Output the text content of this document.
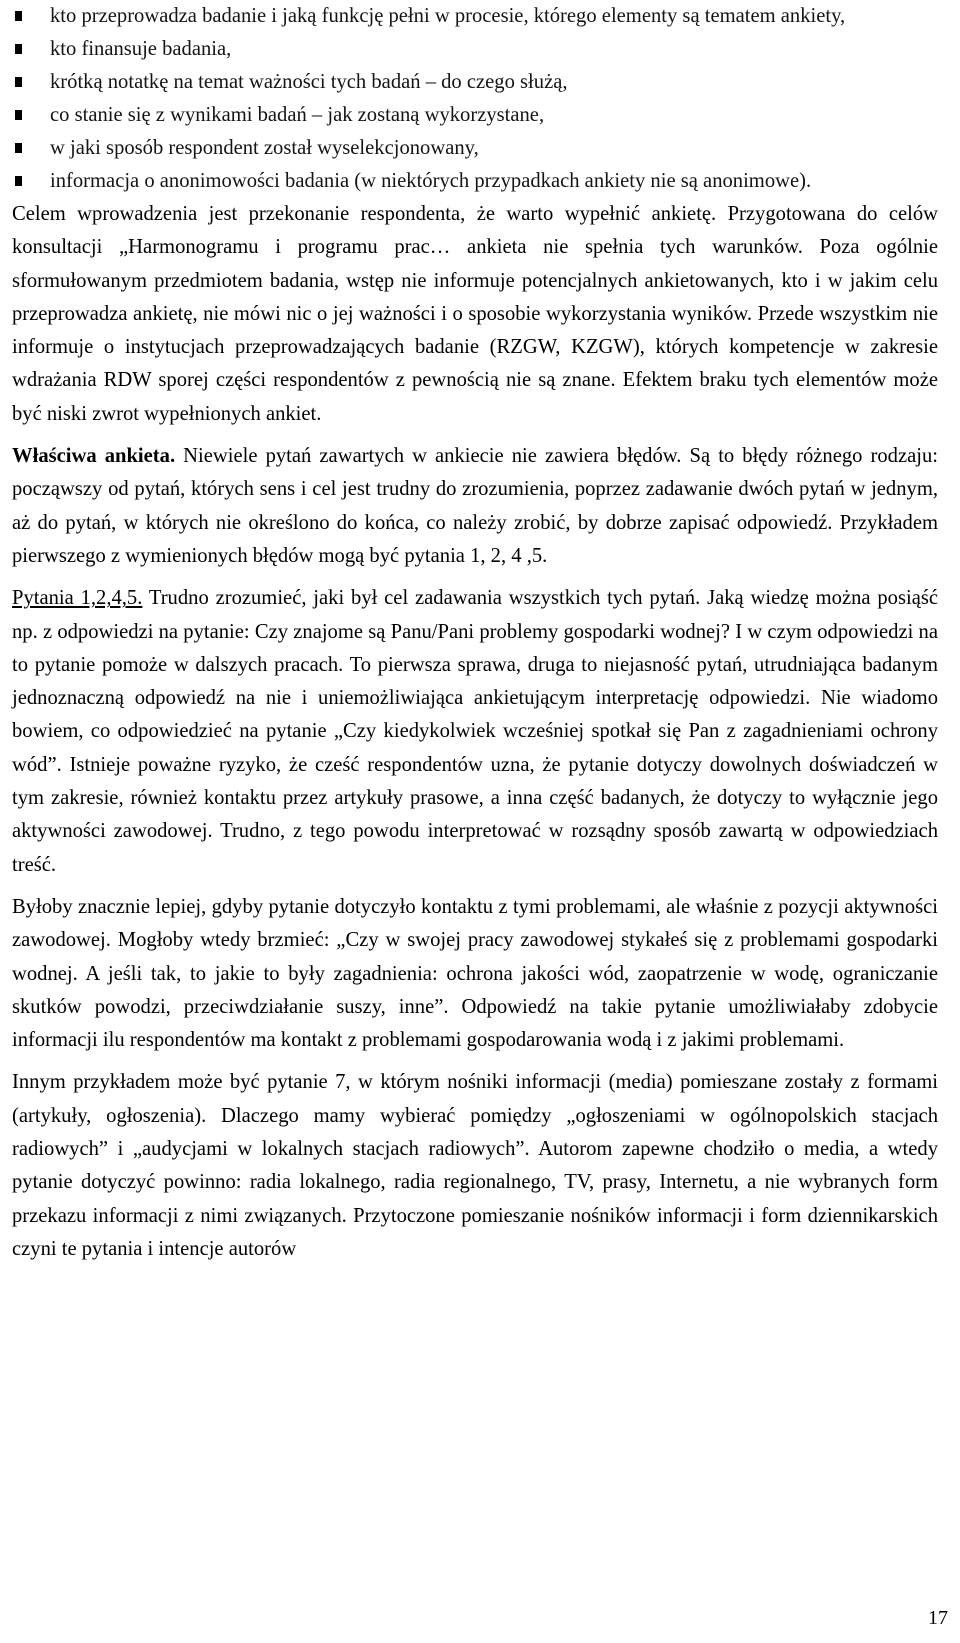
kto przeprowadza badanie i jaką funkcję pełni w procesie, którego elementy są tematem ankiety,
kto finansuje badania,
krótką notatkę na temat ważności tych badań – do czego służą,
co stanie się z wynikami badań – jak zostaną wykorzystane,
w jaki sposób respondent został wyselekcjonowany,
informacja o anonimowości badania (w niektórych przypadkach ankiety nie są anonimowe).

Celem wprowadzenia jest przekonanie respondenta, że warto wypełnić ankietę. Przygotowana do celów konsultacji „Harmonogramu i programu prac… ankieta nie spełnia tych warunków. Poza ogólnie sformułowanym przedmiotem badania, wstęp nie informuje potencjalnych ankietowanych, kto i w jakim celu przeprowadza ankietę, nie mówi nic o jej ważności i o sposobie wykorzystania wyników. Przede wszystkim nie informuje o instytucjach przeprowadzających badanie (RZGW, KZGW), których kompetencje w zakresie wdrażania RDW sporej części respondentów z pewnością nie są znane. Efektem braku tych elementów może być niski zwrot wypełnionych ankiet.

Właściwa ankieta. Niewiele pytań zawartych w ankiecie nie zawiera błędów. Są to błędy różnego rodzaju: począwszy od pytań, których sens i cel jest trudny do zrozumienia, poprzez zadawanie dwóch pytań w jednym, aż do pytań, w których nie określono do końca, co należy zrobić, by dobrze zapisać odpowiedź. Przykładem pierwszego z wymienionych błędów mogą być pytania 1, 2, 4 ,5.

Pytania 1,2,4,5. Trudno zrozumieć, jaki był cel zadawania wszystkich tych pytań. Jaką wiedzę można posiąść np. z odpowiedzi na pytanie: Czy znajome są Panu/Pani problemy gospodarki wodnej? I w czym odpowiedzi na to pytanie pomoże w dalszych pracach. To pierwsza sprawa, druga to niejasność pytań, utrudniająca badanym jednoznaczną odpowiedź na nie i uniemożliwiająca ankietującym interpretację odpowiedzi. Nie wiadomo bowiem, co odpowiedzieć na pytanie „Czy kiedykolwiek wcześniej spotkał się Pan z zagadnieniami ochrony wód”. Istnieje poważne ryzyko, że cześć respondentów uzna, że pytanie dotyczy dowolnych doświadczeń w tym zakresie, również kontaktu przez artykuły prasowe, a inna część badanych, że dotyczy to wyłącznie jego aktywności zawodowej. Trudno, z tego powodu interpretować w rozsądny sposób zawartą w odpowiedziach treść.

Byłoby znacznie lepiej, gdyby pytanie dotyczyło kontaktu z tymi problemami, ale właśnie z pozycji aktywności zawodowej. Mogłoby wtedy brzmieć: „Czy w swojej pracy zawodowej stykałeś się z problemami gospodarki wodnej. A jeśli tak, to jakie to były zagadnienia: ochrona jakości wód, zaopatrzenie w wodę, ograniczanie skutków powodzi, przeciwdziałanie suszy, inne”. Odpowiedź na takie pytanie umożliwiałaby zdobycie informacji ilu respondentów ma kontakt z problemami gospodarowania wodą i z jakimi problemami.

Innym przykładem może być pytanie 7, w którym nośniki informacji (media) pomieszane zostały z formami (artykuły, ogłoszenia). Dlaczego mamy wybierać pomiędzy „ogłoszeniami w ogólnopolskich stacjach radiowych” i „audycjami w lokalnych stacjach radiowych”. Autorom zapewne chodziło o media, a wtedy pytanie dotyczyć powinno: radia lokalnego, radia regionalnego, TV, prasy, Internetu, a nie wybranych form przekazu informacji z nimi związanych. Przytoczone pomieszanie nośników informacji i form dziennikarskich czyni te pytania i intencje autorów

17
